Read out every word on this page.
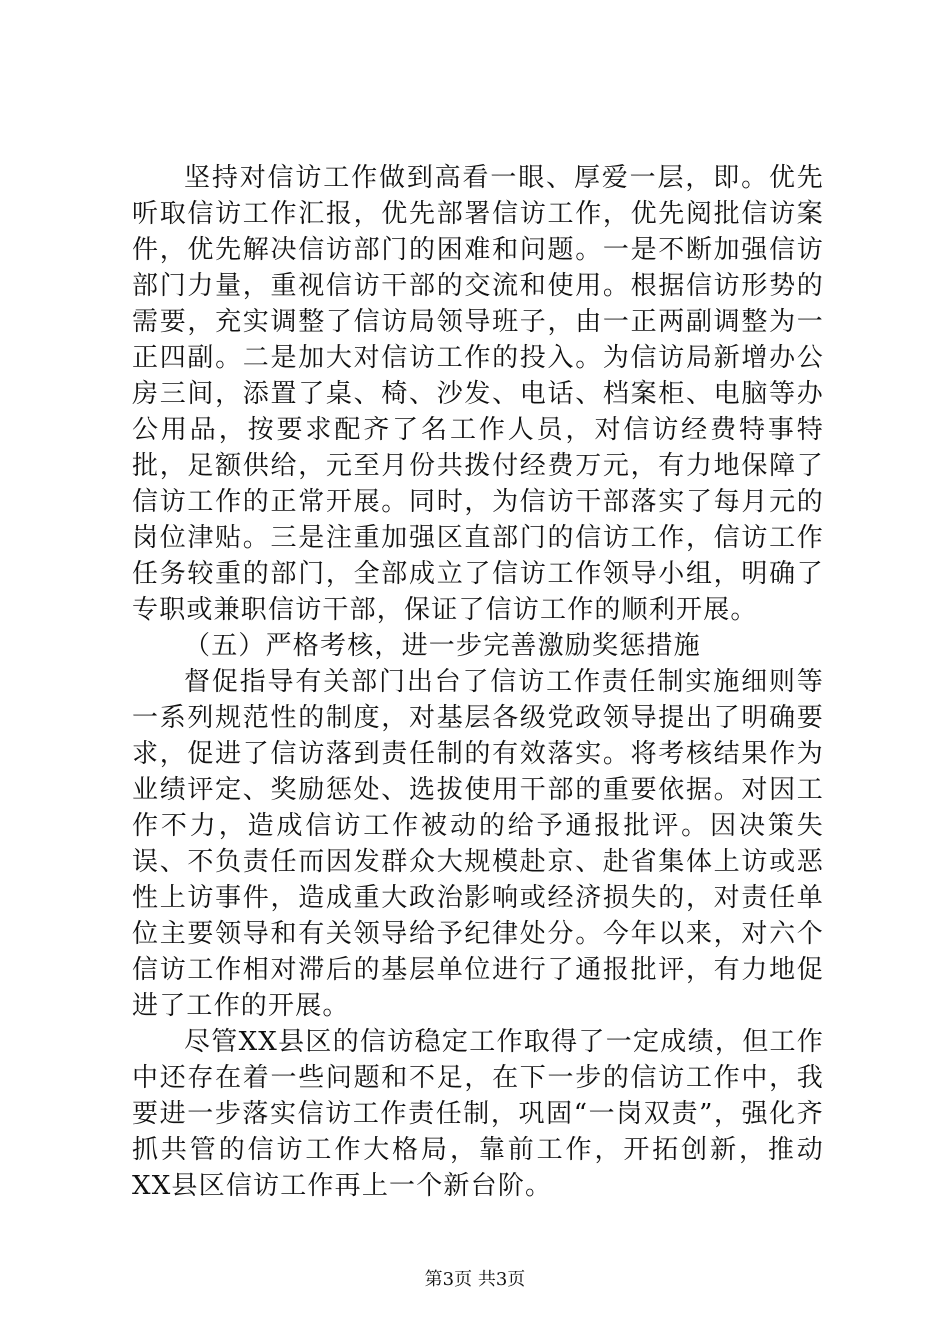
坚持对信访工作做到高看一眼、厚爱一层，即。优先听取信访工作汇报，优先部署信访工作，优先阅批信访案件，优先解决信访部门的困难和问题。一是不断加强信访部门力量，重视信访干部的交流和使用。根据信访形势的需要，充实调整了信访局领导班子，由一正两副调整为一正四副。二是加大对信访工作的投入。为信访局新增办公房三间，添置了桌、椅、沙发、电话、档案柜、电脑等办公用品，按要求配齐了名工作人员，对信访经费特事特批，足额供给，元至月份共拨付经费万元，有力地保障了信访工作的正常开展。同时，为信访干部落实了每月元的岗位津贴。三是注重加强区直部门的信访工作，信访工作任务较重的部门，全部成立了信访工作领导小组，明确了专职或兼职信访干部，保证了信访工作的顺利开展。

（五）严格考核，进一步完善激励奖惩措施

督促指导有关部门出台了信访工作责任制实施细则等一系列规范性的制度，对基层各级党政领导提出了明确要求，促进了信访落到责任制的有效落实。将考核结果作为业绩评定、奖励惩处、选拔使用干部的重要依据。对因工作不力，造成信访工作被动的给予通报批评。因决策失误、不负责任而因发群众大规模赴京、赴省集体上访或恶性上访事件，造成重大政治影响或经济损失的，对责任单位主要领导和有关领导给予纪律处分。今年以来，对六个信访工作相对滞后的基层单位进行了通报批评，有力地促进了工作的开展。

尽管XX县区的信访稳定工作取得了一定成绩，但工作中还存在着一些问题和不足，在下一步的信访工作中，我要进一步落实信访工作责任制，巩固“一岗双责”，强化齐抓共管的信访工作大格局，靠前工作，开拓创新，推动XX县区信访工作再上一个新台阶。

第3页 共3页
